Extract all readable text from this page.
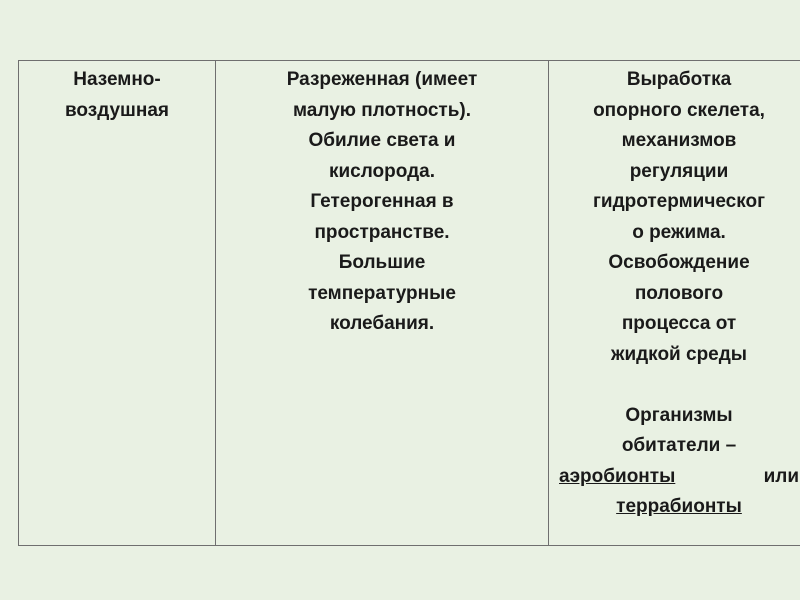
Наземно-
воздушная

Разреженная (имеет
малую плотность).
Обилие света и
кислорода.
Гетерогенная в
пространстве.
Большие
температурные
колебания.

Выработка
опорного скелета,
механизмов
регуляции
гидротермическог
о режима.
Освобождение
полового
процесса от
жидкой среды
Организмы
обитатели –
аэробионты	или
террабионты
